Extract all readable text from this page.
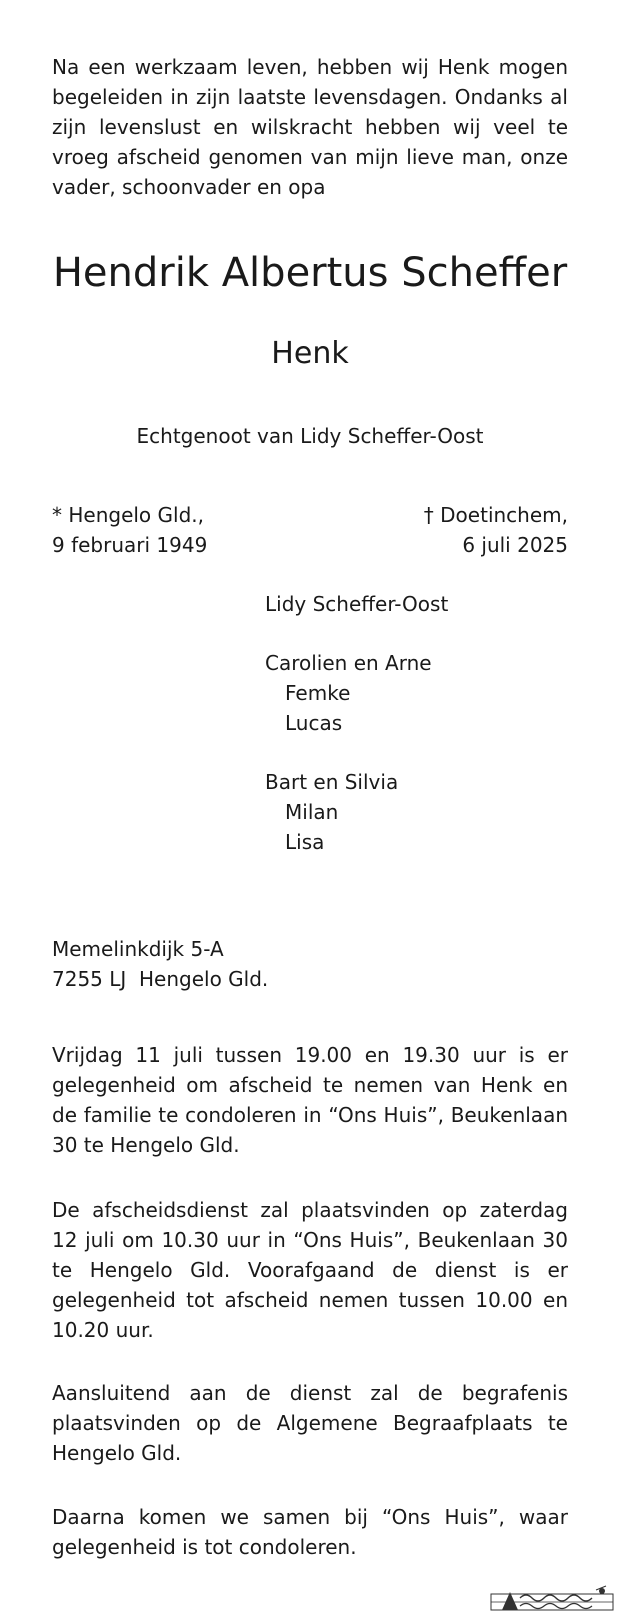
Na een werkzaam leven, hebben wij Henk mogen begeleiden in zijn laatste levensdagen. Ondanks al zijn levenslust en wilskracht hebben wij veel te vroeg afscheid genomen van mijn lieve man, onze vader, schoonvader en opa

Hendrik Albertus Scheffer
Henk
Echtgenoot van Lidy Scheffer-Oost
* Hengelo Gld.,
9 februari 1949
† Doetinchem,
6 juli 2025

Lidy Scheffer-Oost

Carolien en Arne

Femke

Lucas

Bart en Silvia

Milan

Lisa

Memelinkdijk 5-A
7255 LJ  Hengelo Gld.

Vrijdag 11 juli tussen 19.00 en 19.30 uur is er gelegenheid om afscheid te nemen van Henk en de familie te condoleren in “Ons Huis”, Beukenlaan 30 te Hengelo Gld.

De afscheidsdienst zal plaatsvinden op zaterdag 12 juli om 10.30 uur in “Ons Huis”, Beukenlaan 30 te Hengelo Gld. Voorafgaand de dienst is er gelegenheid tot afscheid nemen tussen 10.00 en 10.20 uur.

Aansluitend aan de dienst zal de begrafenis plaatsvinden op de Algemene Begraafplaats te Hengelo Gld.

Daarna komen we samen bij “Ons Huis”, waar gelegenheid is tot condoleren.
